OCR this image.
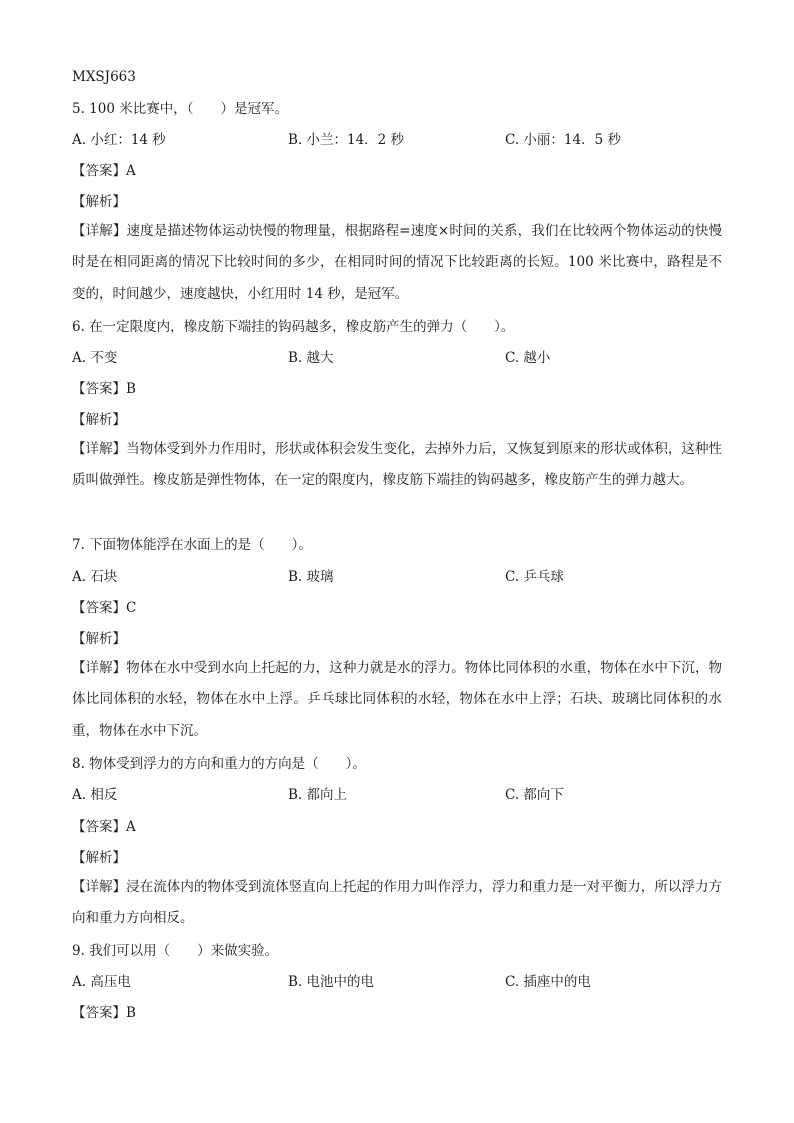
MXSJ663
5. 100 米比赛中，（　　）是冠军。
A. 小红：14 秒	B. 小兰：14．2 秒	C. 小丽：14．5 秒
【答案】A
【解析】
【详解】速度是描述物体运动快慢的物理量，根据路程=速度×时间的关系，我们在比较两个物体运动的快慢时是在相同距离的情况下比较时间的多少，在相同时间的情况下比较距离的长短。100 米比赛中，路程是不变的，时间越少，速度越快，小红用时 14 秒，是冠军。
6. 在一定限度内，橡皮筋下端挂的钩码越多，橡皮筋产生的弹力（　　）。
A. 不变	B. 越大	C. 越小
【答案】B
【解析】
【详解】当物体受到外力作用时，形状或体积会发生变化，去掉外力后，又恢复到原来的形状或体积，这种性质叫做弹性。橡皮筋是弹性物体，在一定的限度内，橡皮筋下端挂的钩码越多，橡皮筋产生的弹力越大。
7. 下面物体能浮在水面上的是（　　）。
A. 石块	B. 玻璃	C. 乒乓球
【答案】C
【解析】
【详解】物体在水中受到水向上托起的力，这种力就是水的浮力。物体比同体积的水重，物体在水中下沉，物体比同体积的水轻，物体在水中上浮。乒乓球比同体积的水轻，物体在水中上浮；石块、玻璃比同体积的水重，物体在水中下沉。
8. 物体受到浮力的方向和重力的方向是（　　）。
A. 相反	B. 都向上	C. 都向下
【答案】A
【解析】
【详解】浸在流体内的物体受到流体竖直向上托起的作用力叫作浮力，浮力和重力是一对平衡力，所以浮力方向和重力方向相反。
9. 我们可以用（　　）来做实验。
A. 高压电	B. 电池中的电	C. 插座中的电
【答案】B
